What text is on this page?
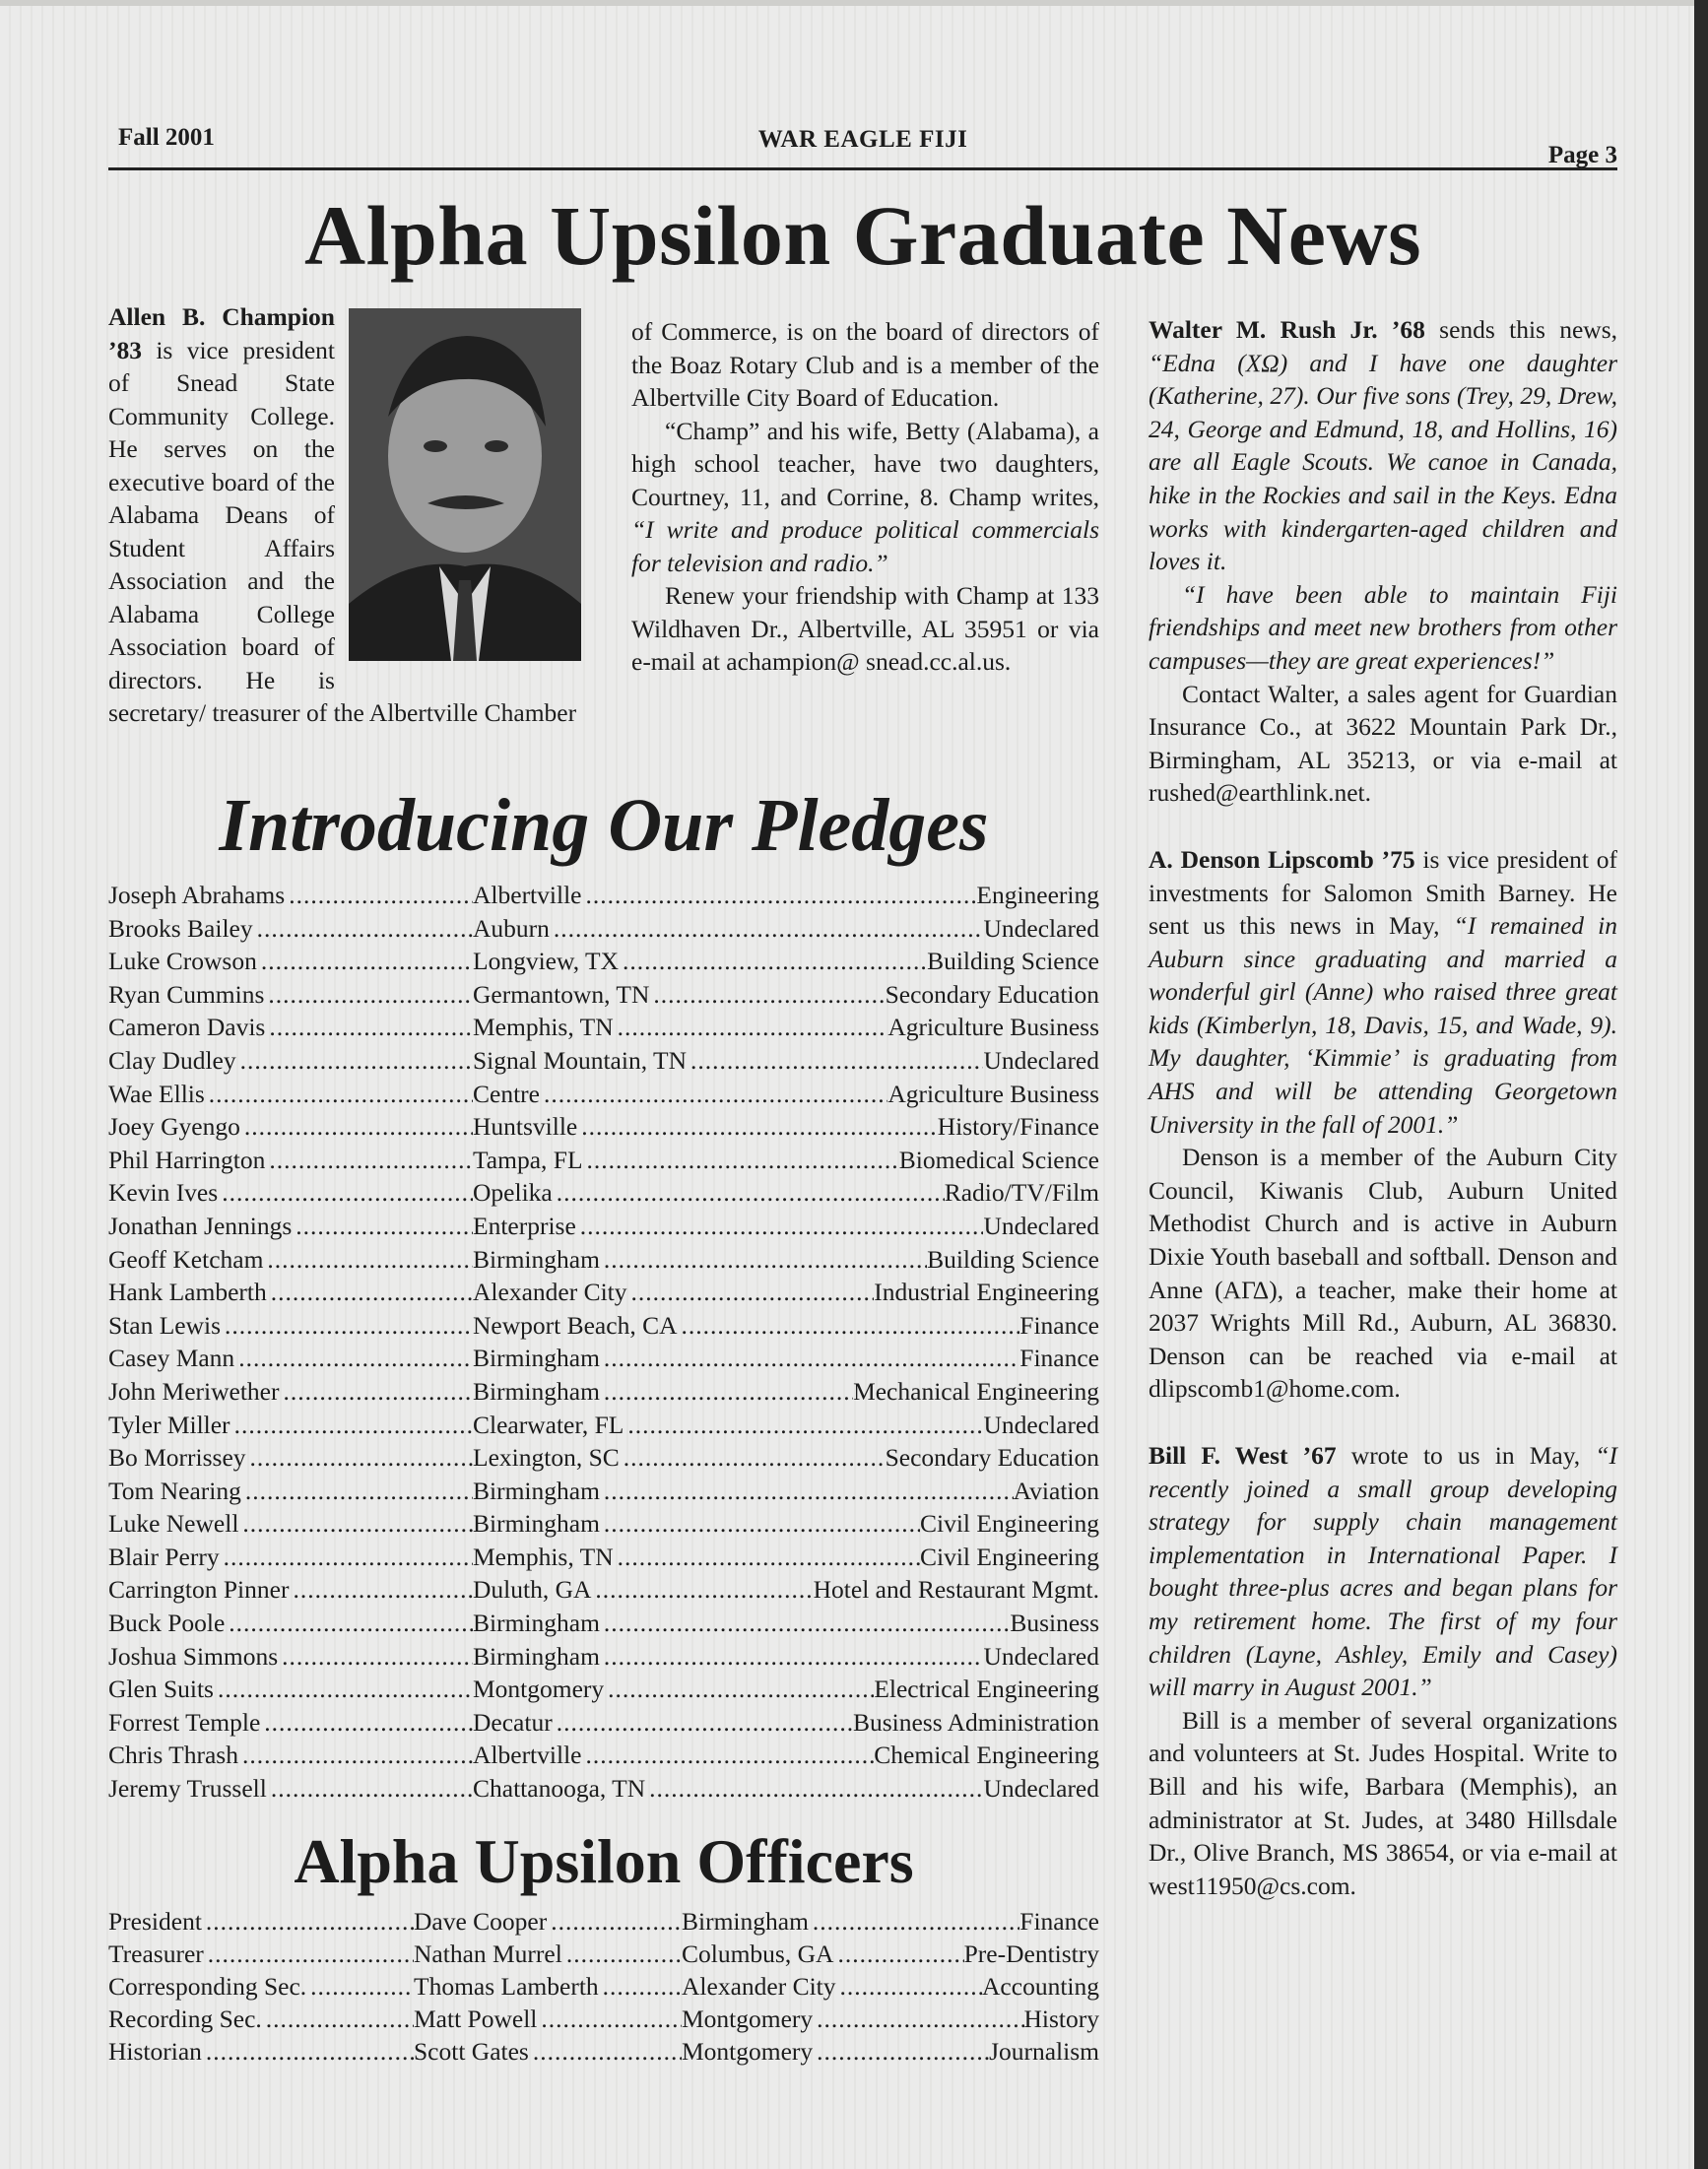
Fall 2001	WAR EAGLE FIJI
Page 3
Alpha Upsilon Graduate News
Allen B. Champion ’83 is vice president of Snead State Community College. He serves on the executive board of the Alabama Deans of Student Affairs Association and the Alabama College Association board of directors. He is secretary/ treasurer of the Albertville Chamber

of Commerce, is on the board of directors of the Boaz Rotary Club and is a member of the Albertville City Board of Education.

“Champ” and his wife, Betty (Alabama), a high school teacher, have two daughters, Courtney, 11, and Corrine, 8. Champ writes, “I write and produce political commercials for television and radio.”

Renew your friendship with Champ at 133 Wildhaven Dr., Albertville, AL 35951 or via e-mail at achampion@ snead.cc.al.us.

Introducing Our Pledges
Joseph Abrahams .....	Albertville .....	Engineering
Brooks Bailey .....	Auburn .....	Undeclared
Luke Crowson .....	Longview, TX .....	Building Science
Ryan Cummins .....	Germantown, TN .....	Secondary Education
Cameron Davis .....	Memphis, TN .....	Agriculture Business
Clay Dudley .....	Signal Mountain, TN .....	Undeclared
Wae Ellis .....	Centre .....	Agriculture Business
Joey Gyengo .....	Huntsville .....	History/Finance
Phil Harrington .....	Tampa, FL .....	Biomedical Science
Kevin Ives .....	Opelika .....	Radio/TV/Film
Jonathan Jennings .....	Enterprise .....	Undeclared
Geoff Ketcham .....	Birmingham .....	Building Science
Hank Lamberth .....	Alexander City .....	Industrial Engineering
Stan Lewis .....	Newport Beach, CA .....	Finance
Casey Mann .....	Birmingham .....	Finance
John Meriwether .....	Birmingham .....	Mechanical Engineering
Tyler Miller .....	Clearwater, FL .....	Undeclared
Bo Morrissey .....	Lexington, SC .....	Secondary Education
Tom Nearing .....	Birmingham .....	Aviation
Luke Newell .....	Birmingham .....	Civil Engineering
Blair Perry .....	Memphis, TN .....	Civil Engineering
Carrington Pinner .....	Duluth, GA .....	Hotel and Restaurant Mgmt.
Buck Poole .....	Birmingham .....	Business
Joshua Simmons .....	Birmingham .....	Undeclared
Glen Suits .....	Montgomery .....	Electrical Engineering
Forrest Temple .....	Decatur .....	Business Administration
Chris Thrash .....	Albertville .....	Chemical Engineering
Jeremy Trussell .....	Chattanooga, TN .....	Undeclared
Alpha Upsilon Officers
President .....	Dave Cooper .....	Birmingham .....	Finance
Treasurer .....	Nathan Murrel .....	Columbus, GA .....	Pre-Dentistry
Corresponding Sec. .....	Thomas Lamberth .....	Alexander City .....	Accounting
Recording Sec. .....	Matt Powell .....	Montgomery .....	History
Historian .....	Scott Gates .....	Montgomery .....	Journalism

Walter M. Rush Jr. ’68 sends this news, “Edna (ΧΩ) and I have one daughter (Katherine, 27). Our five sons (Trey, 29, Drew, 24, George and Edmund, 18, and Hollins, 16) are all Eagle Scouts. We canoe in Canada, hike in the Rockies and sail in the Keys. Edna works with kindergarten-aged children and loves it.

“I have been able to maintain Fiji friendships and meet new brothers from other campuses—they are great experiences!”

Contact Walter, a sales agent for Guardian Insurance Co., at 3622 Mountain Park Dr., Birmingham, AL 35213, or via e-mail at rushed@earthlink.net.

A. Denson Lipscomb ’75 is vice president of investments for Salomon Smith Barney. He sent us this news in May, “I remained in Auburn since graduating and married a wonderful girl (Anne) who raised three great kids (Kimberlyn, 18, Davis, 15, and Wade, 9). My daughter, ‘Kimmie’ is graduating from AHS and will be attending Georgetown University in the fall of 2001.”

Denson is a member of the Auburn City Council, Kiwanis Club, Auburn United Methodist Church and is active in Auburn Dixie Youth baseball and softball. Denson and Anne (ΑΓΔ), a teacher, make their home at 2037 Wrights Mill Rd., Auburn, AL 36830. Denson can be reached via e-mail at dlipscomb1@home.com.

Bill F. West ’67 wrote to us in May, “I recently joined a small group developing strategy for supply chain management implementation in International Paper. I bought three-plus acres and began plans for my retirement home. The first of my four children (Layne, Ashley, Emily and Casey) will marry in August 2001.”

Bill is a member of several organizations and volunteers at St. Judes Hospital. Write to Bill and his wife, Barbara (Memphis), an administrator at St. Judes, at 3480 Hillsdale Dr., Olive Branch, MS 38654, or via e-mail at west11950@cs.com.
